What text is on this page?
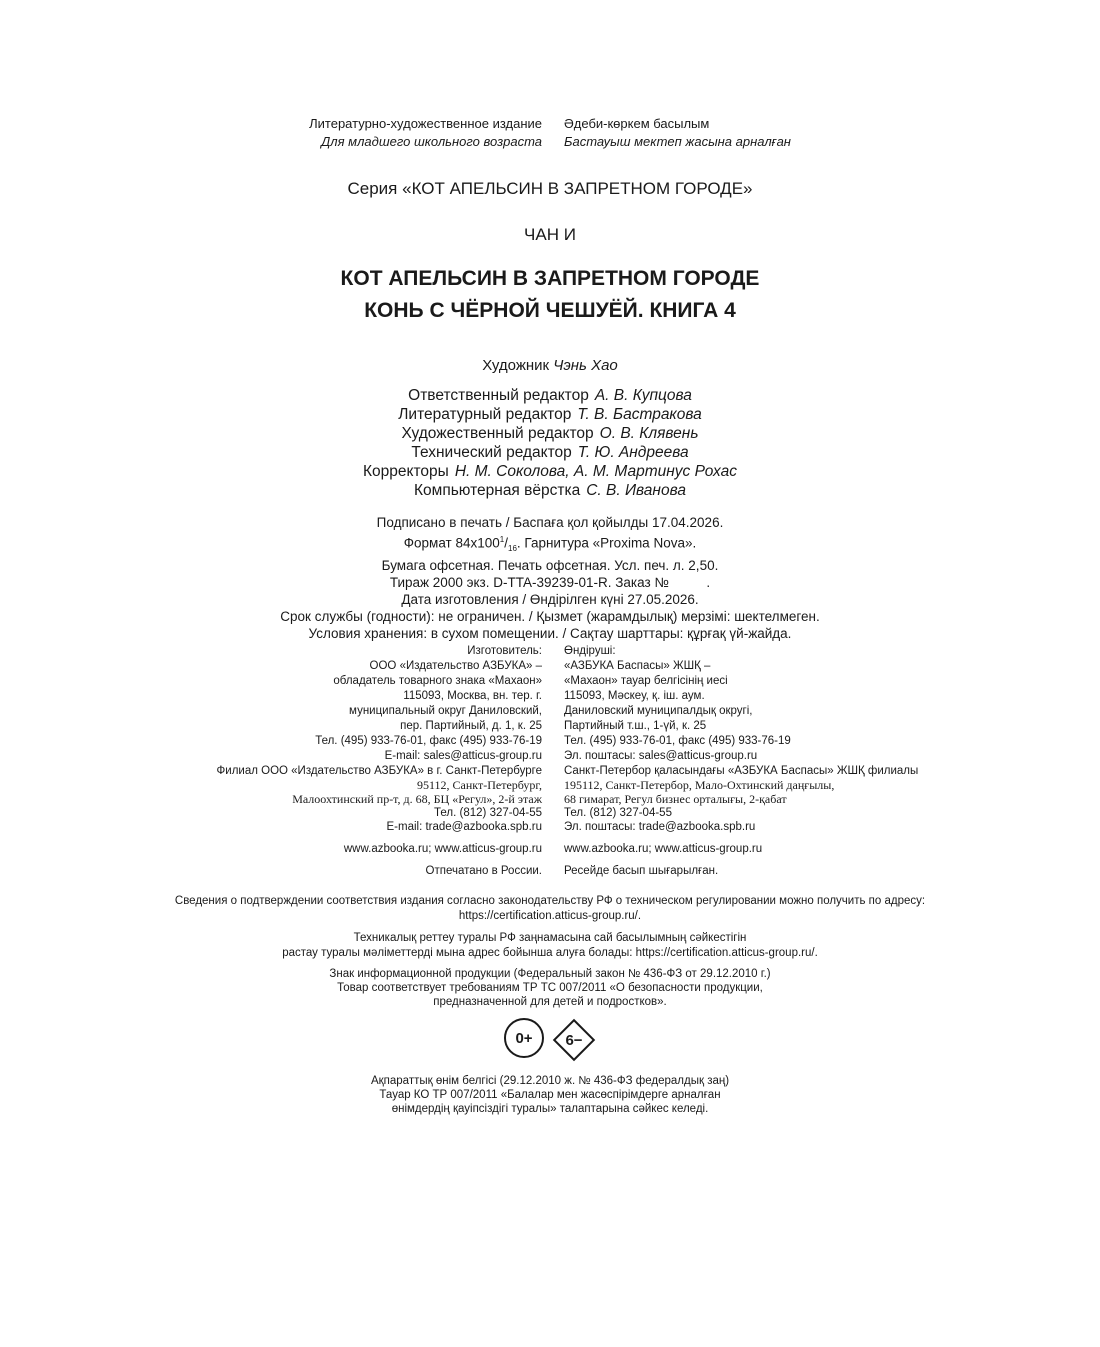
Литературно-художественное издание
Для младшего школьного возраста
Әдеби-көркем басылым
Бастауыш мектеп жасына арналған
Серия «КОТ АПЕЛЬСИН В ЗАПРЕТНОМ ГОРОДЕ»
ЧАН И
КОТ АПЕЛЬСИН В ЗАПРЕТНОМ ГОРОДЕ
КОНЬ С ЧЁРНОЙ ЧЕШУЁЙ. КНИГА 4
Художник Чэнь Хао
Ответственный редактор А. В. Купцова
Литературный редактор Т. В. Бастракова
Художественный редактор О. В. Клявень
Технический редактор Т. Ю. Андреева
Корректоры Н. М. Соколова, А. М. Мартинус Рохас
Компьютерная вёрстка С. В. Иванова
Подписано в печать / Баспаға қол қойылды 17.04.2026.
Формат $84x100^1/_{16}$. Гарнитура «Proxima Nova».
Бумага офсетная. Печать офсетная. Усл. печ. л. 2,50.
Тираж 2000 экз. D-TTA-39239-01-R. Заказ №          .
Дата изготовления / Өндірілген күні 27.05.2026.
Срок службы (годности): не ограничен. / Қызмет (жарамдылық) мерзімі: шектелмеген.
Условия хранения: в сухом помещении. / Сақтау шарттары: құрғақ үй-жайда.
Изготовитель:
ООО «Издательство АЗБУКА» –
обладатель товарного знака «Махаон»
115093, Москва, вн. тер. г.
муниципальный округ Даниловский,
пер. Партийный, д. 1, к. 25
Тел. (495) 933-76-01, факс (495) 933-76-19
E-mail: sales@atticus-group.ru
Өндіруші:
«АЗБУКА Баспасы» ЖШҚ –
«Махаон» тауар белгісінің иесі
115093, Мәскеу, қ. іш. аум.
Даниловский муниципалдық округі,
Партийный т.ш., 1-үй, к. 25
Тел. (495) 933-76-01, факс (495) 933-76-19
Эл. поштасы: sales@atticus-group.ru
Филиал ООО «Издательство АЗБУКА» в г. Санкт-Петербурге
95112, Санкт-Петербург,
Малоохтинский пр-т, д. 68, БЦ «Регул», 2-й этаж
Тел. (812) 327-04-55
E-mail: trade@azbooka.spb.ru
Санкт-Петербор қаласындағы «АЗБУКА Баспасы» ЖШҚ филиалы
195112, Санкт-Петербор, Мало-Охтинский даңғылы,
68 гимарат, Регул бизнес орталығы, 2-қабат
Тел. (812) 327-04-55
Эл. поштасы: trade@azbooka.spb.ru
www.azbooka.ru; www.atticus-group.ru www.azbooka.ru; www.atticus-group.ru
Отпечатано в России. Ресейде басып шығарылған.
Сведения о подтверждении соответствия издания согласно законодательству РФ о техническом регулировании можно получить по адресу:
https://certification.atticus-group.ru/.
Техникалық реттеу туралы РФ заңнамасына сай басылымның сәйкестігін
растау туралы мәліметтерді мына адрес бойынша алуға болады: https://certification.atticus-group.ru/.
Знак информационной продукции (Федеральный закон № 436-ФЗ от 29.12.2010 г.)
Товар соответствует требованиям ТР ТС 007/2011 «О безопасности продукции,
предназначенной для детей и подростков».
0+	6−
Ақпараттық өнім белгісі (29.12.2010 ж. № 436-ФЗ федералдық заң)
Тауар КО ТР 007/2011 «Балалар мен жасөспірімдерге арналған
өнімдердің қауіпсіздігі туралы» талаптарына сәйкес келеді.
